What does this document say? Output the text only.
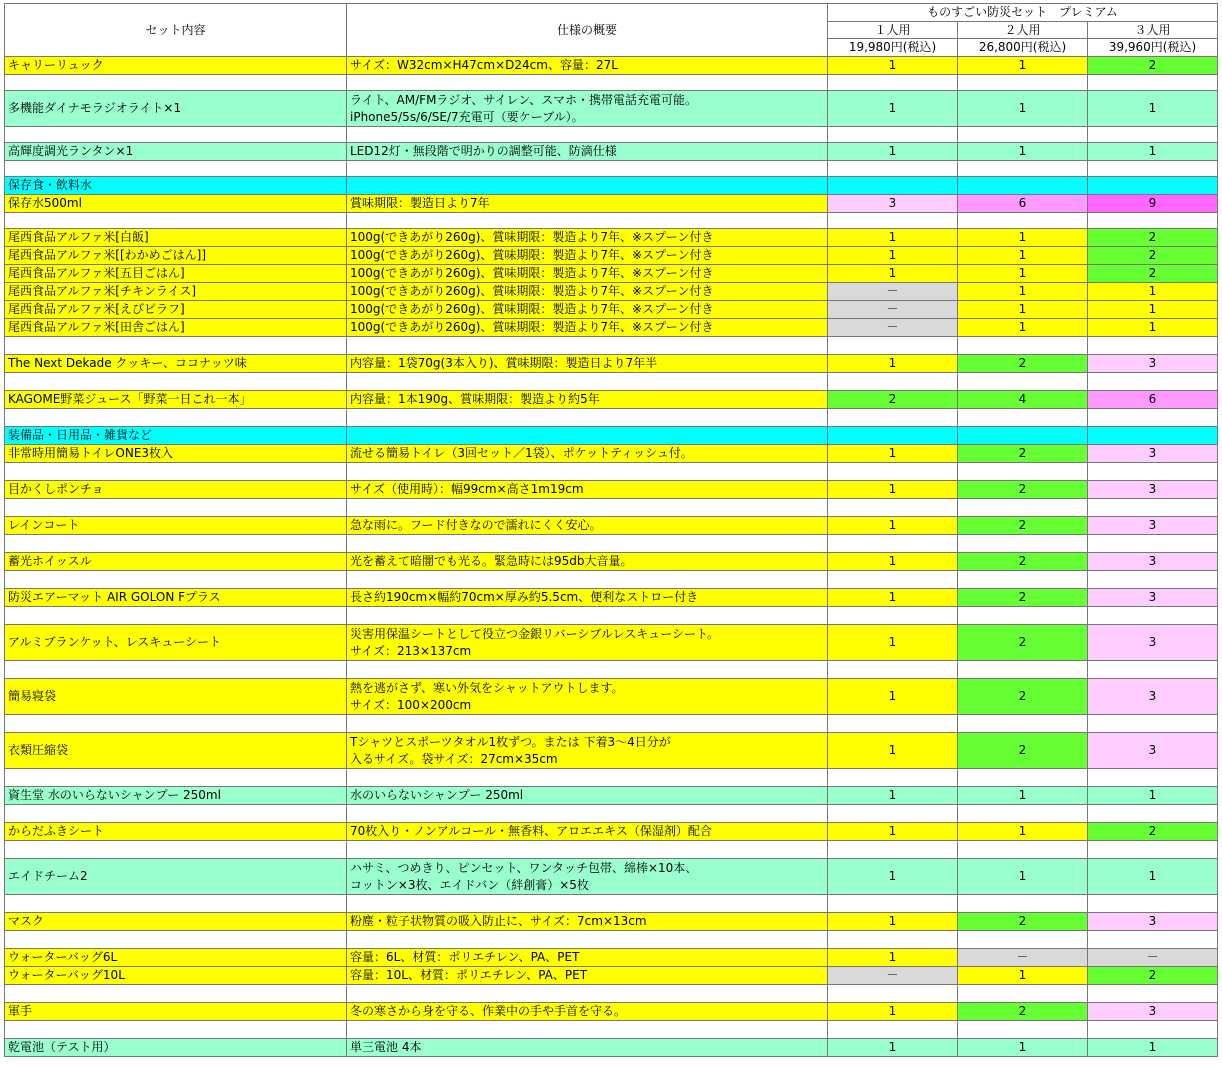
セット内容	仕様の概要	ものすごい防災セット　プレミアム		
		１人用	２人用	３人用
		19,980円(税込)	26,800円(税込)	39,960円(税込)
キャリーリュック	サイズ：W32cm×H47cm×D24cm、容量：27L	1	1	2

多機能ダイナモラジオライト×1	ライト、AM/FMラジオ、サイレン、スマホ・携帯電話充電可能。
iPhone5/5s/6/SE/7充電可（要ケーブル）。	1	1	1

高輝度調光ランタン×1	LED12灯・無段階で明かりの調整可能、防滴仕様	1	1	1

保存食・飲料水				
保存水500ml	賞味期限：製造日より7年	3	6	9

尾西食品アルファ米[白飯]	100g(できあがり260g)、賞味期限：製造より7年、※スプーン付き	1	1	2
尾西食品アルファ米[[わかめごはん]]	100g(できあがり260g)、賞味期限：製造より7年、※スプーン付き	1	1	2
尾西食品アルファ米[五目ごはん]	100g(できあがり260g)、賞味期限：製造より7年、※スプーン付き	1	1	2
尾西食品アルファ米[チキンライス]	100g(できあがり260g)、賞味期限：製造より7年、※スプーン付き	－	1	1
尾西食品アルファ米[えびピラフ]	100g(できあがり260g)、賞味期限：製造より7年、※スプーン付き	－	1	1
尾西食品アルファ米[田舎ごはん]	100g(できあがり260g)、賞味期限：製造より7年、※スプーン付き	－	1	1

The Next Dekade クッキー、ココナッツ味	内容量：1袋70g(3本入り)、賞味期限：製造日より7年半	1	2	3

KAGOME野菜ジュース「野菜一日これ一本」	内容量：1本190g、賞味期限：製造より約5年	2	4	6

装備品・日用品・雑貨など				
非常時用簡易トイレONE3枚入	流せる簡易トイレ（3回セット／1袋）、ポケットティッシュ付。	1	2	3

目かくしポンチョ	サイズ（使用時）：幅99cm×高さ1m19cm	1	2	3

レインコート	急な雨に。フード付きなので濡れにくく安心。	1	2	3

蓄光ホイッスル	光を蓄えて暗闇でも光る。緊急時には95db大音量。	1	2	3

防災エアーマット AIR GOLON Fプラス	長さ約190cm×幅約70cm×厚み約5.5cm、便利なストロー付き	1	2	3

アルミブランケット、レスキューシート	災害用保温シートとして役立つ金銀リバーシブルレスキューシート。
サイズ：213×137cm	1	2	3

簡易寝袋	熱を逃がさず、寒い外気をシャットアウトします。
サイズ：100×200cm	1	2	3

衣類圧縮袋	Tシャツとスポーツタオル1枚ずつ。または 下着3～4日分が
入るサイズ。袋サイズ：27cm×35cm	1	2	3

資生堂 水のいらないシャンプー 250ml	水のいらないシャンプー 250ml	1	1	1

からだふきシート	70枚入り・ノンアルコール・無香料、アロエエキス（保湿剤）配合	1	1	2

エイドチーム2	ハサミ、つめきり、ピンセット、ワンタッチ包帯、綿棒×10本、
コットン×3枚、エイドバン（絆創膏）×5枚	1	1	1

マスク	粉塵・粒子状物質の吸入防止に、サイズ：7cm×13cm	1	2	3

ウォーターバッグ6L	容量：6L、材質：ポリエチレン、PA、PET	1	－	－
ウォーターバッグ10L	容量：10L、材質：ポリエチレン、PA、PET	－	1	2

軍手	冬の寒さから身を守る、作業中の手や手首を守る。	1	2	3

乾電池（テスト用）	単三電池 4本	1	1	1
